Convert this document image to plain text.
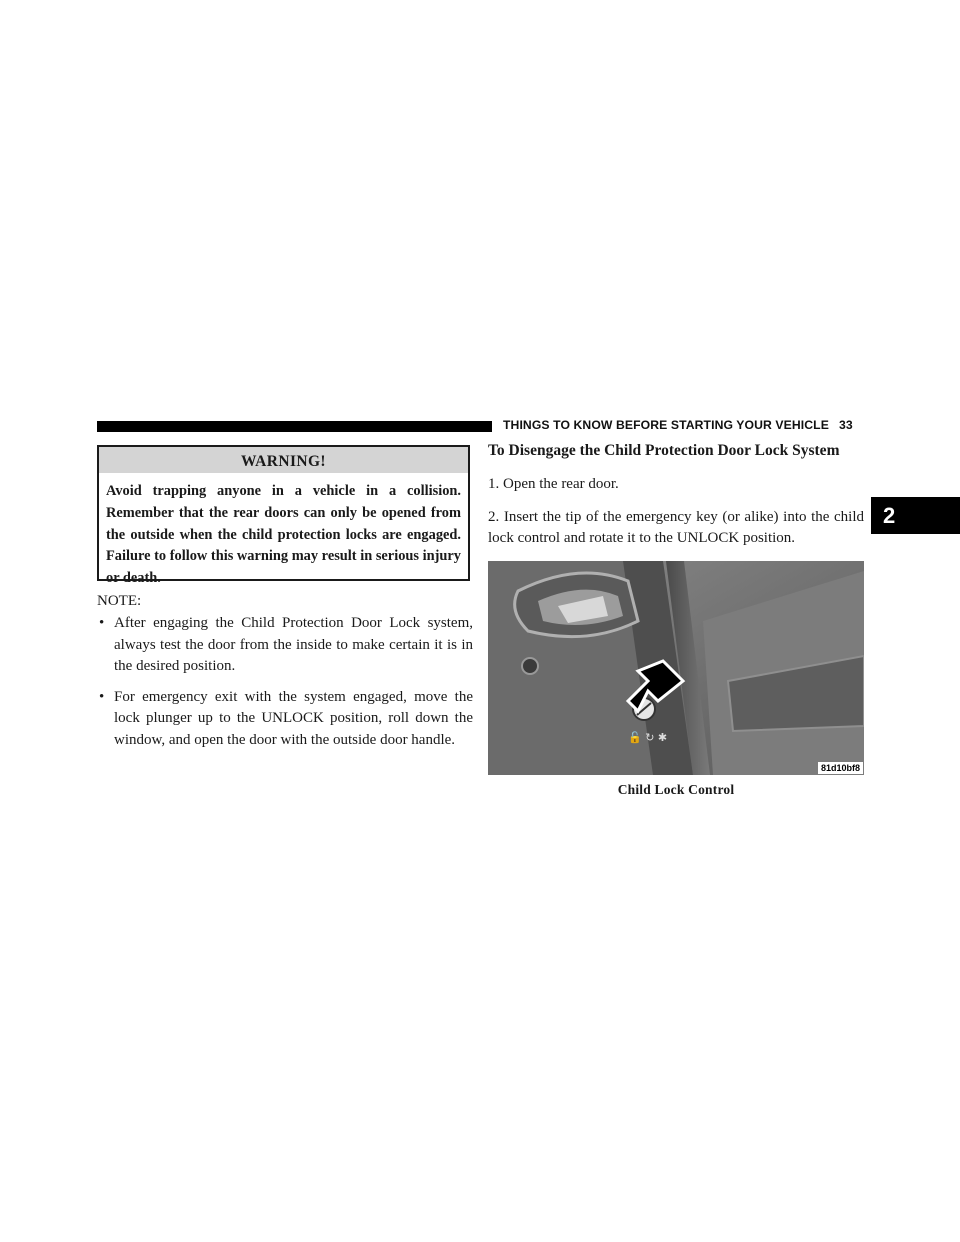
THINGS TO KNOW BEFORE STARTING YOUR VEHICLE 33
WARNING!
Avoid trapping anyone in a vehicle in a collision. Remember that the rear doors can only be opened from the outside when the child protection locks are engaged. Failure to follow this warning may result in serious injury or death.
NOTE:
• After engaging the Child Protection Door Lock system, always test the door from the inside to make certain it is in the desired position.
• For emergency exit with the system engaged, move the lock plunger up to the UNLOCK position, roll down the window, and open the door with the outside door handle.

To Disengage the Child Protection Door Lock System

1. Open the rear door.

2. Insert the tip of the emergency key (or alike) into the child lock control and rotate it to the UNLOCK position.

🔓 ↻ ✱
81d10bf8
Child Lock Control
2
